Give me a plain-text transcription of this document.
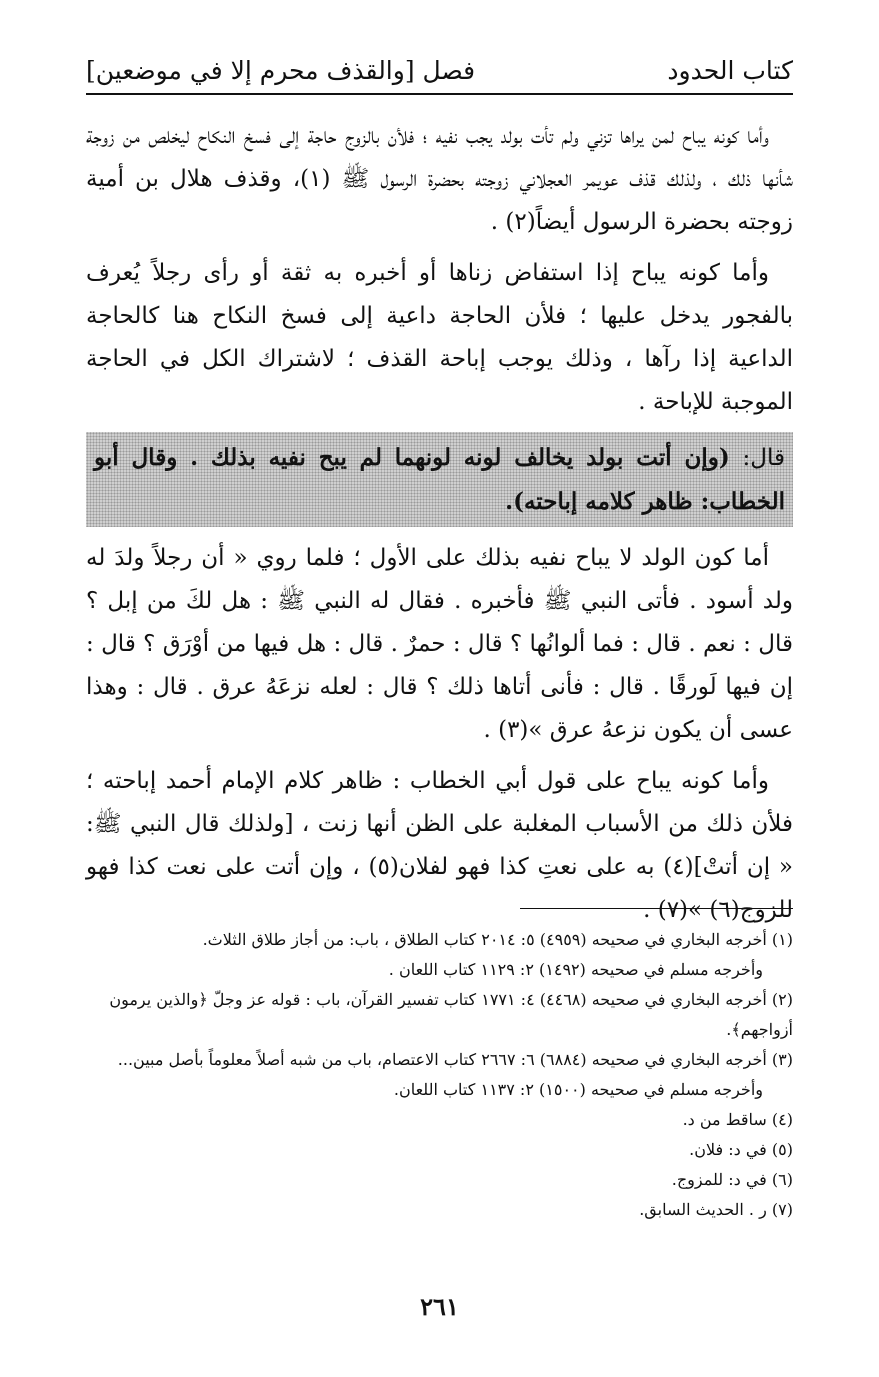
كتاب الحدود
فصل [والقذف محرم إلا في موضعين]

وأما كونه يباح لمن يراها تزني ولم تأت بولد يجب نفيه ؛ فلأن بالزوج حاجة إلى فسخ النكاح ليخلص من زوجة شأنها ذلك ، ولذلك قذف عويمر العجلاني زوجته بحضرة الرسول ﷺ (١)، وقذف هلال بن أمية زوجته بحضرة الرسول أيضاً(٢) .

وأما كونه يباح إذا استفاض زناها أو أخبره به ثقة أو رأى رجلاً يُعرف بالفجور يدخل عليها ؛ فلأن الحاجة داعية إلى فسخ النكاح هنا كالحاجة الداعية إذا رآها ، وذلك يوجب إباحة القذف ؛ لاشتراك الكل في الحاجة الموجبة للإباحة .

قال: (وإن أتت بولد يخالف لونه لونهما لم يبح نفيه بذلك . وقال أبو الخطاب: ظاهر كلامه إباحته).

أما كون الولد لا يباح نفيه بذلك على الأول ؛ فلما روي « أن رجلاً ولدَ له ولد أسود . فأتى النبي ﷺ فأخبره . فقال له النبي ﷺ : هل لكَ من إبل ؟ قال : نعم . قال : فما ألوانُها ؟ قال : حمرٌ . قال : هل فيها من أوْرَق ؟ قال : إن فيها لَورقًا . قال : فأنى أتاها ذلك ؟ قال : لعله نزعَهُ عرق . قال : وهذا عسى أن يكون نزعهُ عرق »(٣) .

وأما كونه يباح على قول أبي الخطاب : ظاهر كلام الإمام أحمد إباحته ؛ فلأن ذلك من الأسباب المغلبة على الظن أنها زنت ، [ولذلك قال النبي ﷺ: « إن أتتْ](٤) به على نعتِ كذا فهو لفلان(٥) ، وإن أتت على نعت كذا فهو للزوج(٦) »(٧) .

(١) أخرجه البخاري في صحيحه (٤٩٥٩) ٥: ٢٠١٤ كتاب الطلاق ، باب: من أجاز طلاق الثلاث.

وأخرجه مسلم في صحيحه (١٤٩٢) ٢: ١١٢٩ كتاب اللعان .

(٢) أخرجه البخاري في صحيحه (٤٤٦٨) ٤: ١٧٧١ كتاب تفسير القرآن، باب : قوله عز وجلّ ﴿والذين يرمون أزواجهم﴾.

(٣) أخرجه البخاري في صحيحه (٦٨٨٤) ٦: ٢٦٦٧ كتاب الاعتصام، باب من شبه أصلاً معلوماً بأصل مبين...

وأخرجه مسلم في صحيحه (١٥٠٠) ٢: ١١٣٧ كتاب اللعان.

(٤) ساقط من د.

(٥) في د: فلان.

(٦) في د: للمزوج.

(٧) ر . الحديث السابق.

٢٦١
